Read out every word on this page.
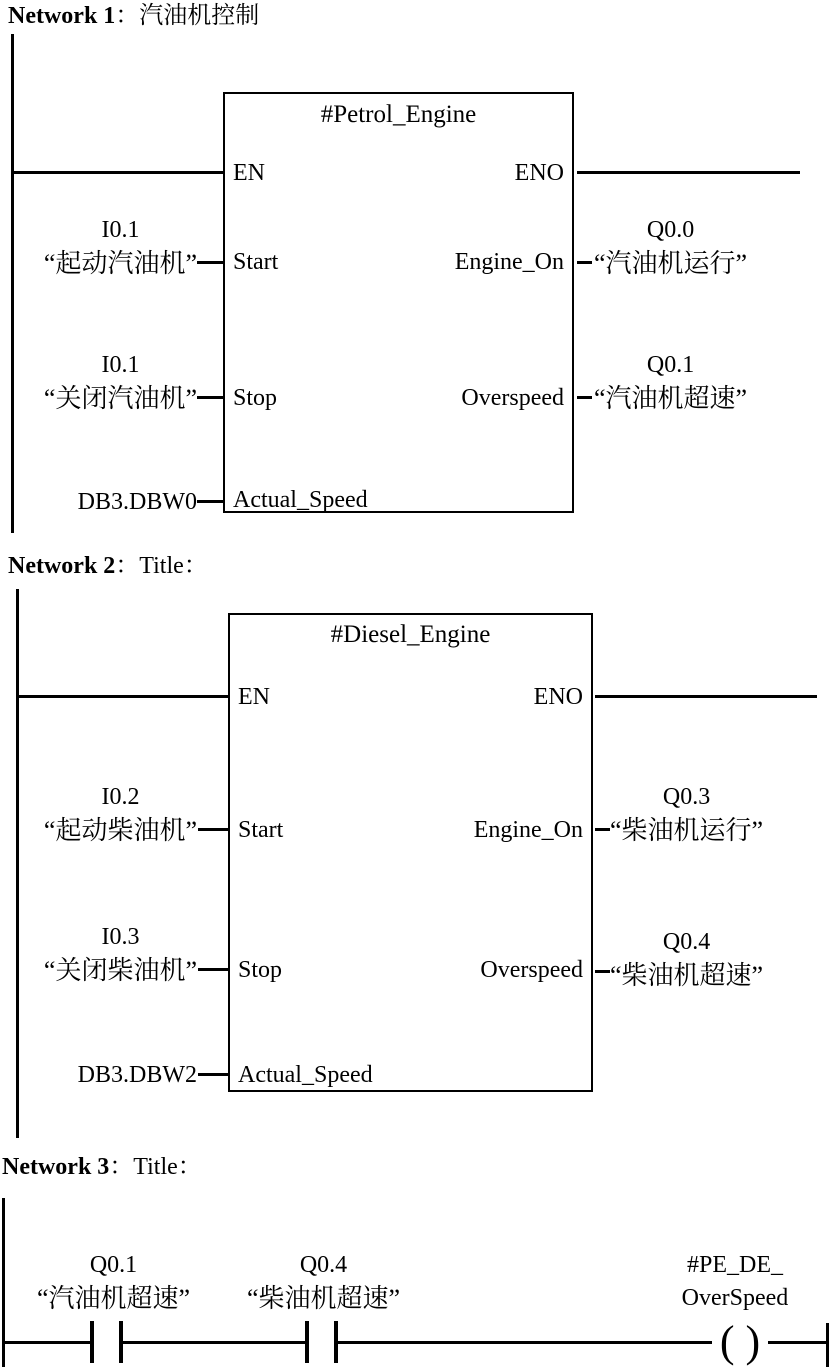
Network 1：汽油机控制
#Petrol_Engine
EN	ENO
Start	Engine_On
Stop	Overspeed
Actual_Speed
I0.1
“起动汽油机”
I0.1
“关闭汽油机”
DB3.DBW0
Q0.0
“汽油机运行”
Q0.1
“汽油机超速”
Network 2：Title：
#Diesel_Engine
EN	ENO
Start	Engine_On
Stop	Overspeed
Actual_Speed
I0.2
“起动柴油机”
I0.3
“关闭柴油机”
DB3.DBW2
Q0.3
“柴油机运行”
Q0.4
“柴油机超速”
Network 3：Title：
Q0.1
“汽油机超速”
Q0.4
“柴油机超速”
#PE_DE_
OverSpeed
( )
